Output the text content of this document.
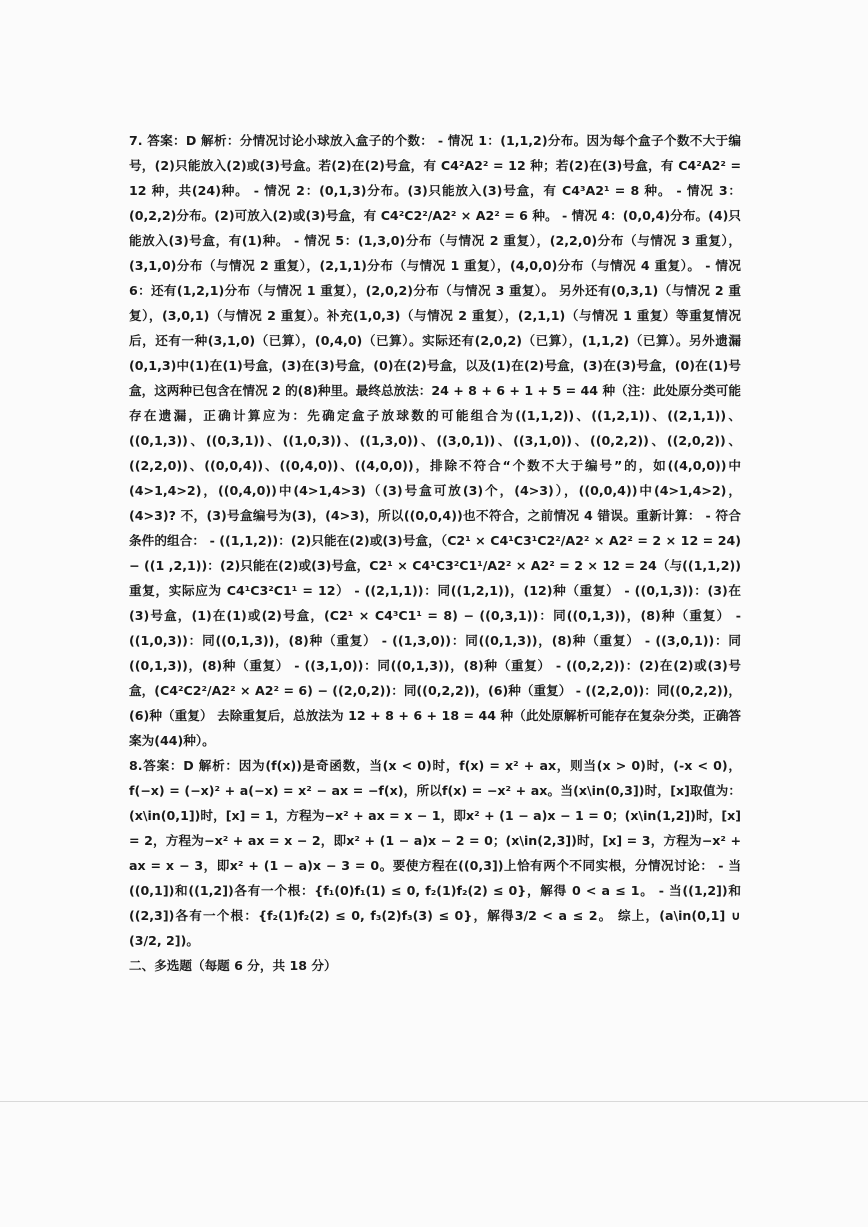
7. 答案：D 解析：分情况讨论小球放入盒子的个数： - 情况 1：(1,1,2)分布。因为每个盒子个数不大于编号，(2)只能放入(2)或(3)号盒。若(2)在(2)号盒，有 C4²A2² = 12 种；若(2)在(3)号盒，有 C4²A2² = 12 种，共(24)种。 - 情况 2：(0,1,3)分布。(3)只能放入(3)号盒，有 C4³A2¹ = 8 种。 - 情况 3：(0,2,2)分布。(2)可放入(2)或(3)号盒，有 C4²C2²/A2² × A2² = 6 种。 - 情况 4：(0,0,4)分布。(4)只能放入(3)号盒，有(1)种。 - 情况 5：(1,3,0)分布（与情况 2 重复），(2,2,0)分布（与情况 3 重复），(3,1,0)分布（与情况 2 重复），(2,1,1)分布（与情况 1 重复），(4,0,0)分布（与情况 4 重复）。 - 情况 6：还有(1,2,1)分布（与情况 1 重复），(2,0,2)分布（与情况 3 重复）。 另外还有(0,3,1)（与情况 2 重复），(3,0,1)（与情况 2 重复）。补充(1,0,3)（与情况 2 重复），(2,1,1)（与情况 1 重复）等重复情况后，还有一种(3,1,0)（已算），(0,4,0)（已算）。实际还有(2,0,2)（已算），(1,1,2)（已算）。另外遗漏(0,1,3)中(1)在(1)号盒，(3)在(3)号盒，(0)在(2)号盒，以及(1)在(2)号盒，(3)在(3)号盒，(0)在(1)号盒，这两种已包含在情况 2 的(8)种里。最终总放法：24 + 8 + 6 + 1 + 5 = 44 种（注：此处原分类可能存在遗漏，正确计算应为：先确定盒子放球数的可能组合为((1,1,2))、((1,2,1))、((2,1,1))、((0,1,3))、((0,3,1))、((1,0,3))、((1,3,0))、((3,0,1))、((3,1,0))、((0,2,2))、((2,0,2))、((2,2,0))、((0,0,4))、((0,4,0))、((4,0,0))，排除不符合“个数不大于编号”的，如((4,0,0))中(4>1,4>2)，((0,4,0))中(4>1,4>3)（(3)号盒可放(3)个，(4>3)），((0,0,4))中(4>1,4>2)，(4>3)? 不，(3)号盒编号为(3)，(4>3)，所以((0,0,4))也不符合，之前情况 4 错误。重新计算： - 符合条件的组合： - ((1,1,2))：(2)只能在(2)或(3)号盒，（C2¹ × C4¹C3¹C2²/A2² × A2² = 2 × 12 = 24) − ((1 ,2,1))：(2)只能在(2)或(3)号盒，C2¹ × C4¹C3²C1¹/A2² × A2² = 2 × 12 = 24（与((1,1,2))重复，实际应为 C4¹C3²C1¹ = 12） - ((2,1,1))：同((1,2,1))，(12)种（重复） - ((0,1,3))：(3)在(3)号盒，(1)在(1)或(2)号盒，(C2¹ × C4³C1¹ = 8) − ((0,3,1))：同((0,1,3))，(8)种（重复） - ((1,0,3))：同((0,1,3))，(8)种（重复） - ((1,3,0))：同((0,1,3))，(8)种（重复） - ((3,0,1))：同((0,1,3))，(8)种（重复） - ((3,1,0))：同((0,1,3))，(8)种（重复） - ((0,2,2))：(2)在(2)或(3)号盒，(C4²C2²/A2² × A2² = 6) − ((2,0,2))：同((0,2,2))，(6)种（重复） - ((2,2,0))：同((0,2,2))，(6)种（重复） 去除重复后，总放法为 12 + 8 + 6 + 18 = 44 种（此处原解析可能存在复杂分类，正确答案为(44)种）。

8.答案：D 解析：因为(f(x))是奇函数，当(x < 0)时，f(x) = x² + ax，则当(x > 0)时，(-x < 0)，f(−x) = (−x)² + a(−x) = x² − ax = −f(x)，所以f(x) = −x² + ax。当(x\in(0,3])时，[x]取值为：(x\in(0,1])时，[x] = 1，方程为−x² + ax = x − 1，即x² + (1 − a)x − 1 = 0；(x\in(1,2])时，[x] = 2，方程为−x² + ax = x − 2，即x² + (1 − a)x − 2 = 0；(x\in(2,3])时，[x] = 3，方程为−x² + ax = x − 3，即x² + (1 − a)x − 3 = 0。要使方程在((0,3])上恰有两个不同实根，分情况讨论： - 当((0,1])和((1,2])各有一个根：{f₁(0)f₁(1) ≤ 0, f₂(1)f₂(2) ≤ 0}，解得 0 < a ≤ 1。 - 当((1,2])和((2,3])各有一个根：{f₂(1)f₂(2) ≤ 0, f₃(2)f₃(3) ≤ 0}，解得3/2 < a ≤ 2。 综上，(a\in(0,1] ∪ (3/2, 2])。

二、多选题（每题 6 分，共 18 分）
